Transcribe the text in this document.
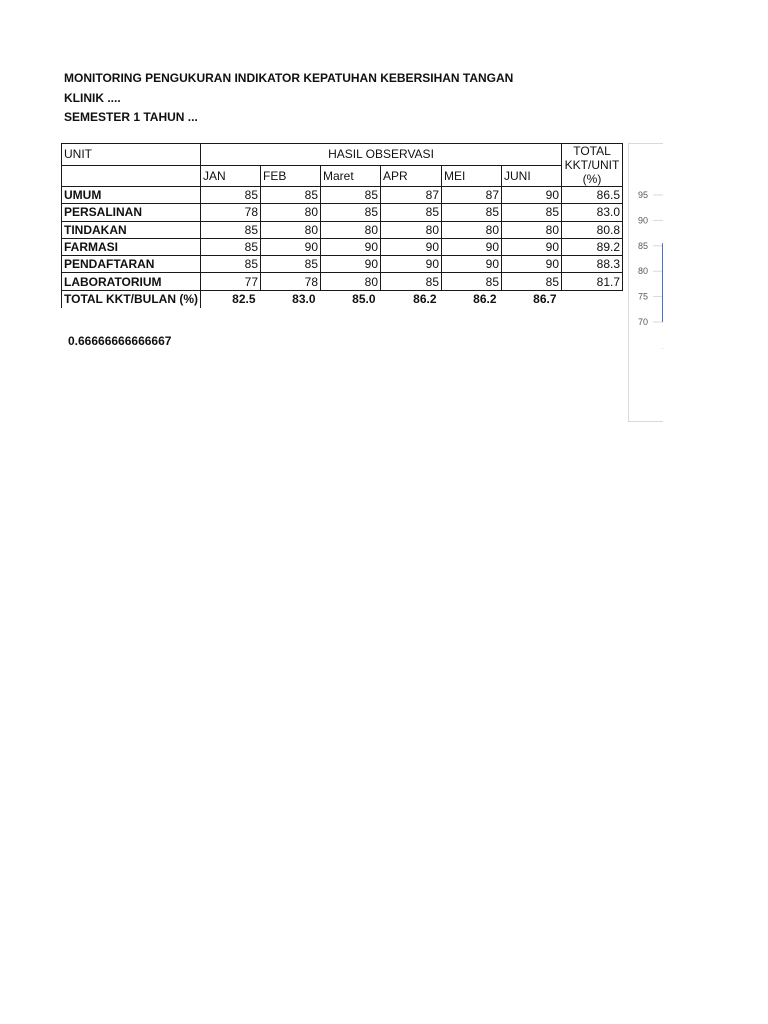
MONITORING PENGUKURAN INDIKATOR KEPATUHAN KEBERSIHAN TANGAN
KLINIK ....
SEMESTER 1 TAHUN ...
UNIT	HASIL OBSERVASI						TOTAL
KKT/UNIT
(%)

	JAN	FEB	Maret	APR	MEI	JUNI	
UMUM	85	85	85	87	87	90	86.5
PERSALINAN	78	80	85	85	85	85	83.0
TINDAKAN	85	80	80	80	80	80	80.8
FARMASI	85	90	90	90	90	90	89.2
PENDAFTARAN	85	85	90	90	90	90	88.3
LABORATORIUM	77	78	80	85	85	85	81.7
TOTAL KKT/BULAN (%)	82.5	83.0	85.0	86.2	86.2	86.7	
0.66666666666667
95
90
85
80
75
70
